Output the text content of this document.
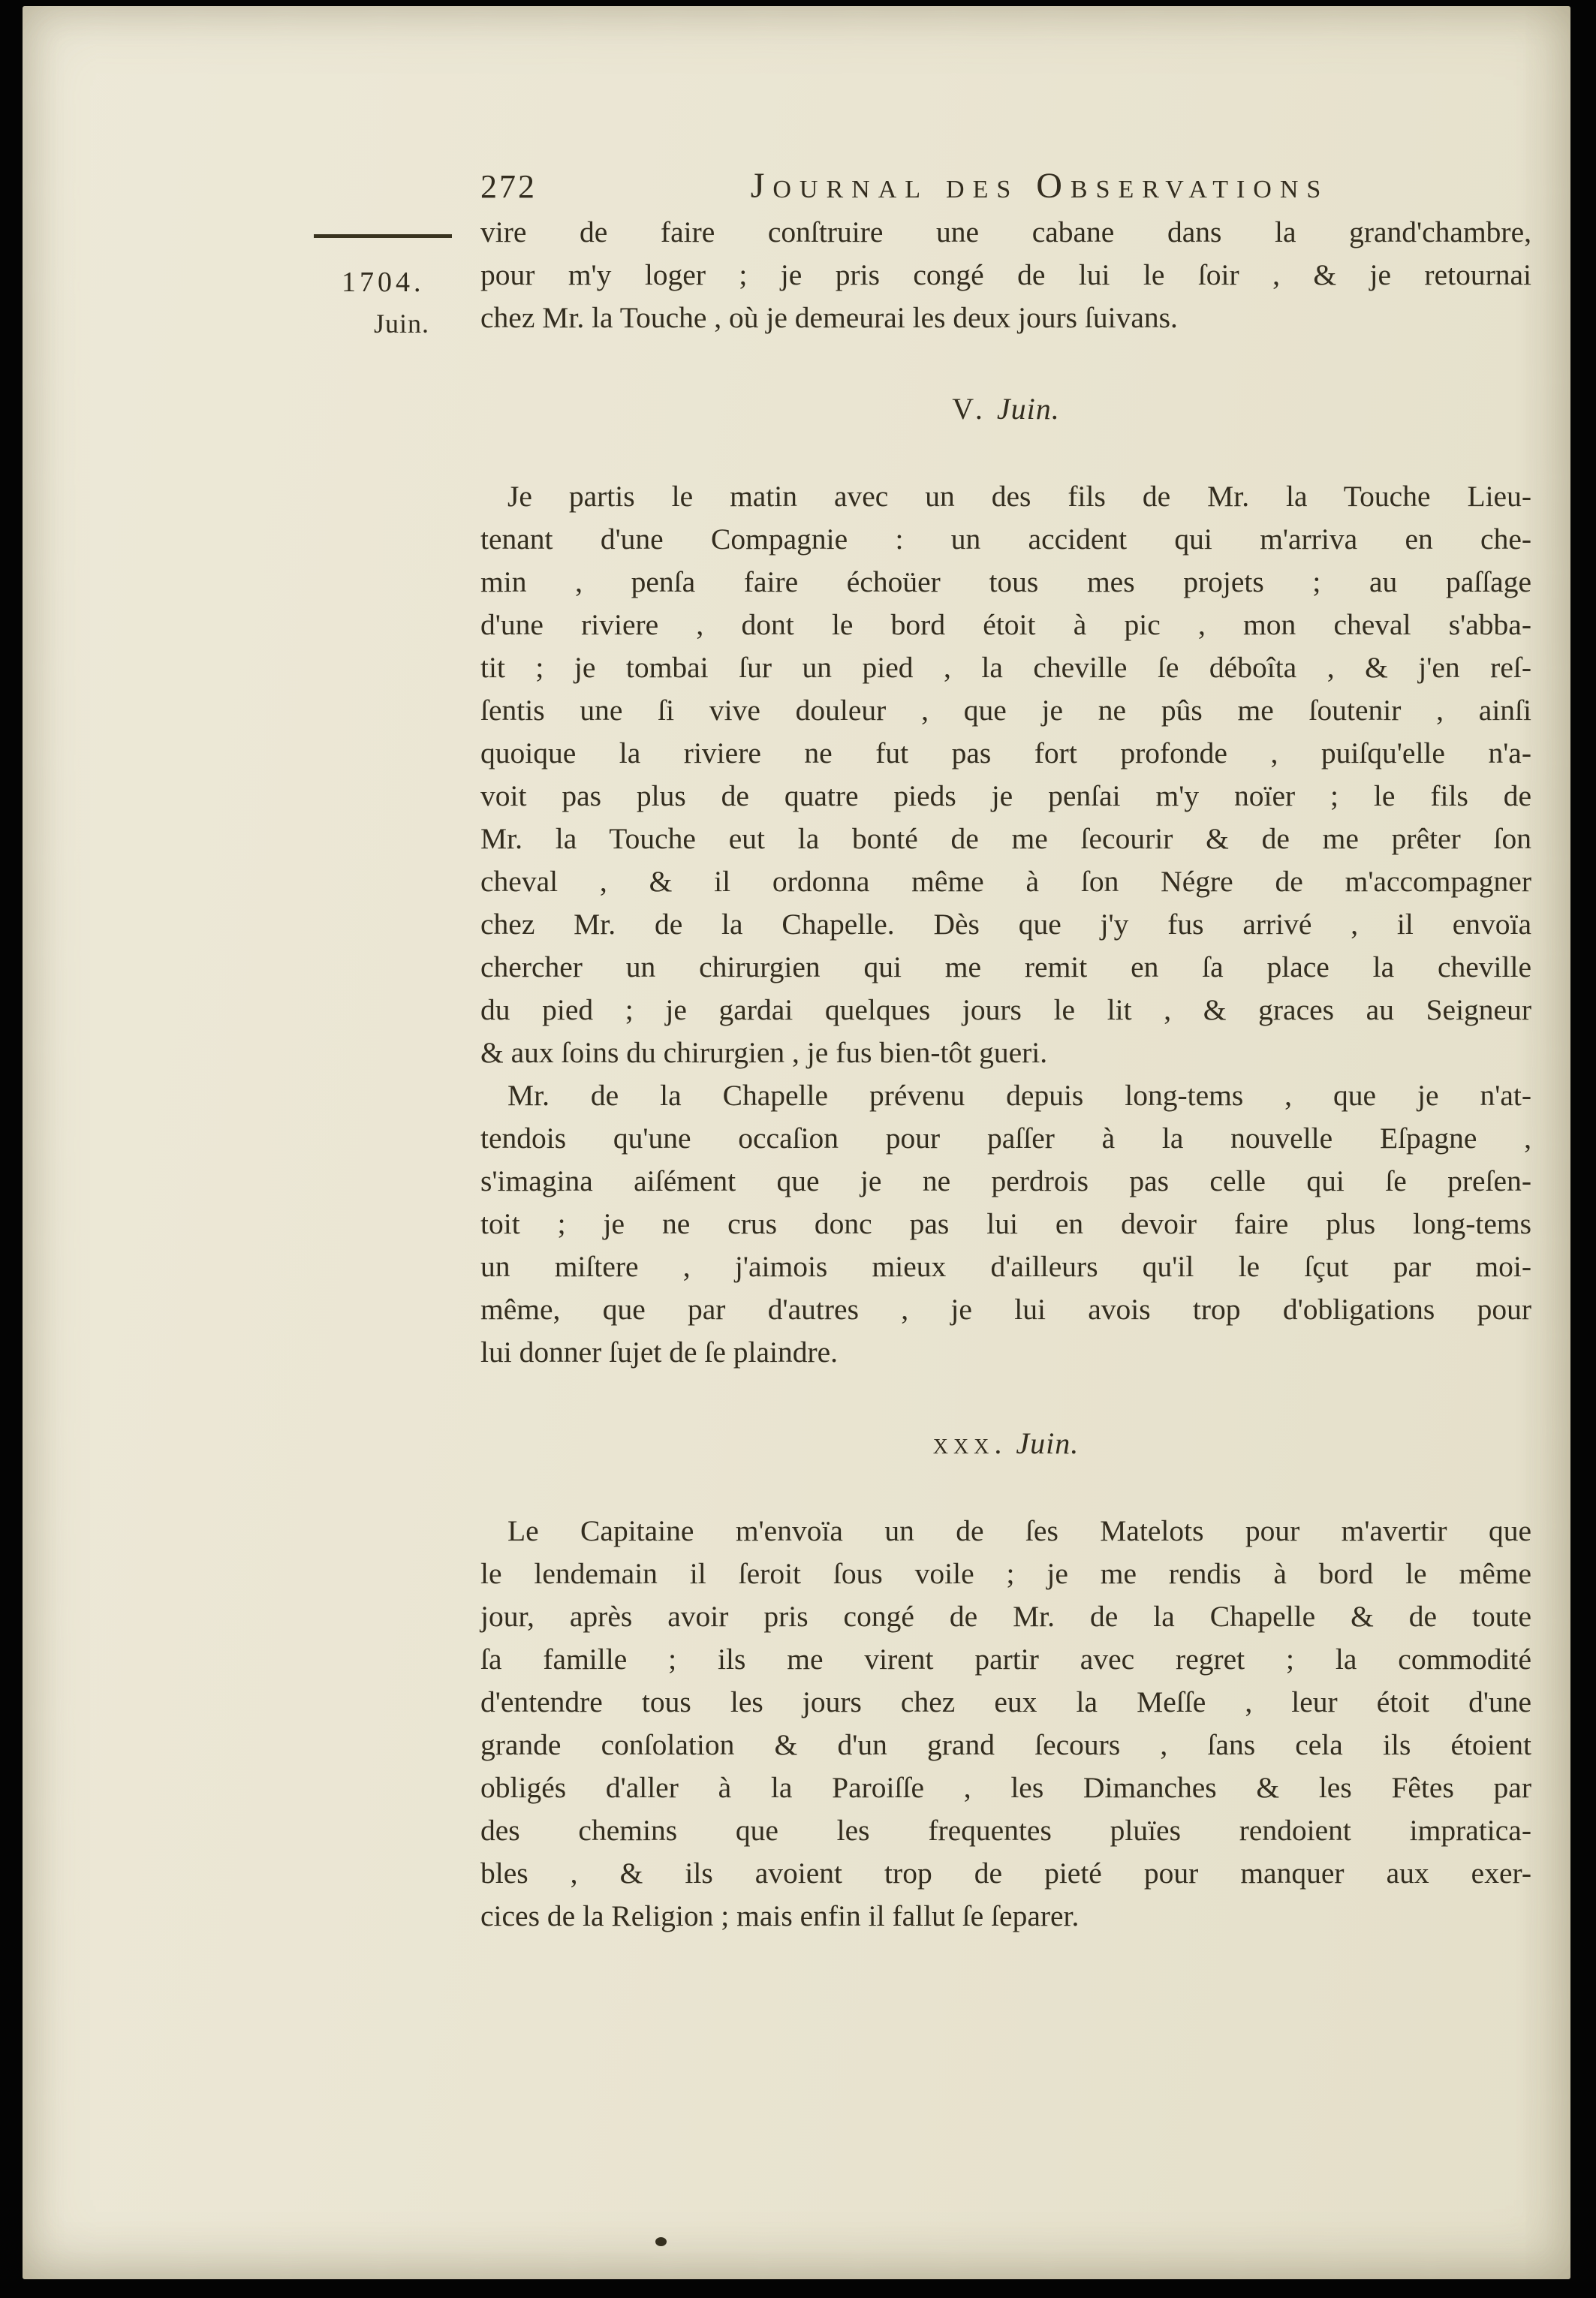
1704.
Juin.
272	Journal des Observations
vire de faire conſtruire une cabane dans la grand'chambre,
pour m'y loger ; je pris congé de lui le ſoir , & je retournai
chez Mr. la Touche , où je demeurai les deux jours ſuivans.
V. Juin.
Je partis le matin avec un des fils de Mr. la Touche Lieu-
tenant d'une Compagnie : un accident qui m'arriva en che-
min , penſa faire échoüer tous mes projets ; au paſſage
d'une riviere , dont le bord étoit à pic , mon cheval s'abba-
tit ; je tombai ſur un pied , la cheville ſe déboîta , & j'en reſ-
ſentis une ſi vive douleur , que je ne pûs me ſoutenir , ainſi
quoique la riviere ne fut pas fort profonde , puiſqu'elle n'a-
voit pas plus de quatre pieds je penſai m'y noïer ; le fils de
Mr. la Touche eut la bonté de me ſecourir & de me prêter ſon
cheval , & il ordonna même à ſon Négre de m'accompagner
chez Mr. de la Chapelle. Dès que j'y fus arrivé , il envoïa
chercher un chirurgien qui me remit en ſa place la cheville
du pied ; je gardai quelques jours le lit , & graces au Seigneur
& aux ſoins du chirurgien , je fus bien-tôt gueri.
Mr. de la Chapelle prévenu depuis long-tems , que je n'at-
tendois qu'une occaſion pour paſſer à la nouvelle Eſpagne ,
s'imagina aiſément que je ne perdrois pas celle qui ſe preſen-
toit ; je ne crus donc pas lui en devoir faire plus long-tems
un miſtere , j'aimois mieux d'ailleurs qu'il le ſçut par moi-
même, que par d'autres , je lui avois trop d'obligations pour
lui donner ſujet de ſe plaindre.
xxx. Juin.
Le Capitaine m'envoïa un de ſes Matelots pour m'avertir que
le lendemain il ſeroit ſous voile ; je me rendis à bord le même
jour, après avoir pris congé de Mr. de la Chapelle & de toute
ſa famille ; ils me virent partir avec regret ; la commodité
d'entendre tous les jours chez eux la Meſſe , leur étoit d'une
grande conſolation & d'un grand ſecours , ſans cela ils étoient
obligés d'aller à la Paroiſſe , les Dimanches & les Fêtes par
des chemins que les frequentes pluïes rendoient impratica-
bles , & ils avoient trop de pieté pour manquer aux exer-
cices de la Religion ; mais enfin il fallut ſe ſeparer.
